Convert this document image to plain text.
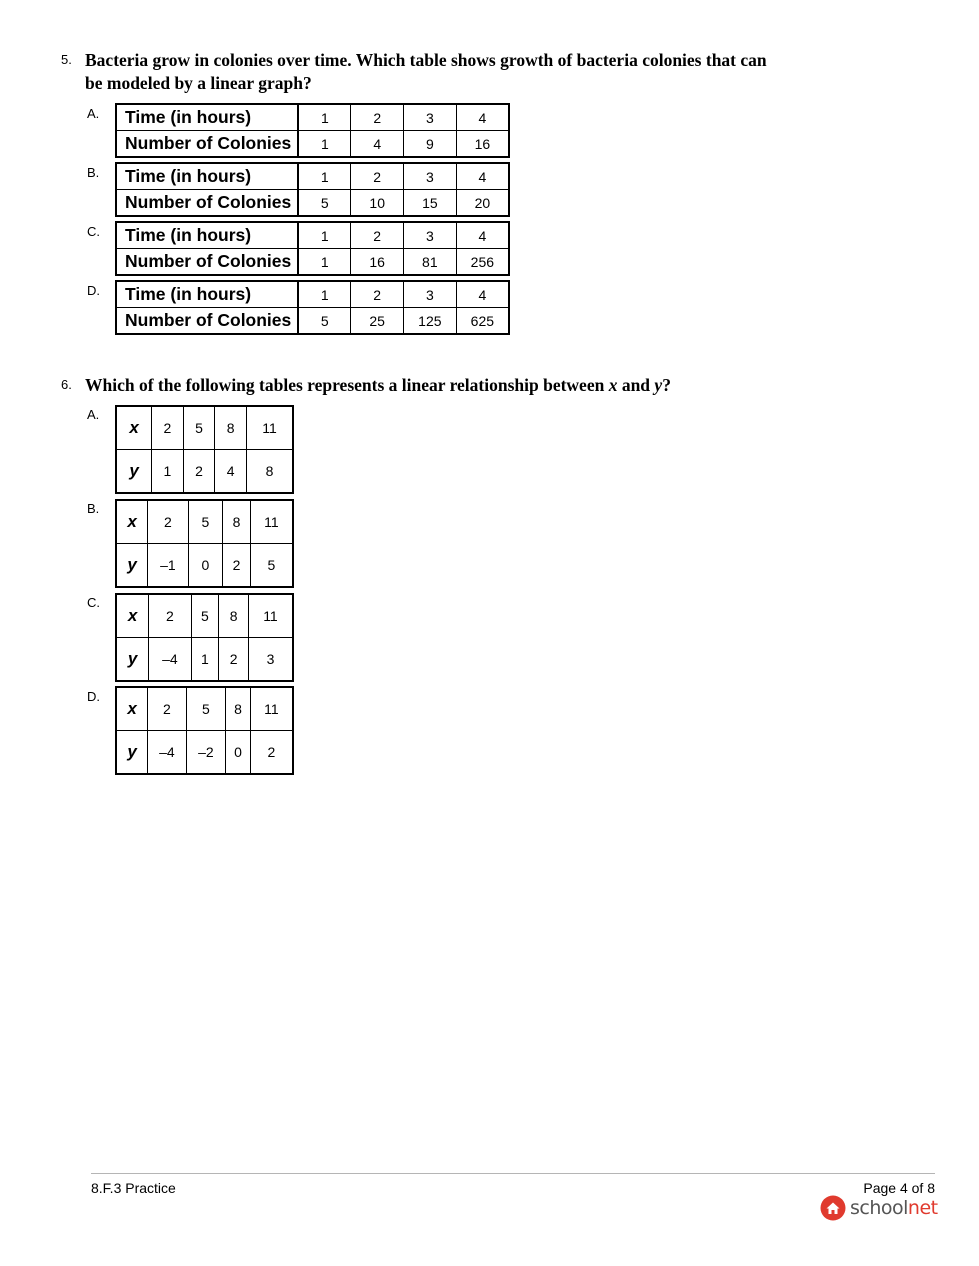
5. Bacteria grow in colonies over time. Which table shows growth of bacteria colonies that can
be modeled by a linear graph?
A. Time (in hours)	1	2	3	4
Number of Colonies	1	4	9	16
B. Time (in hours)	1	2	3	4
Number of Colonies	5	10	15	20
C. Time (in hours)	1	2	3	4
Number of Colonies	1	16	81	256
D. Time (in hours)	1	2	3	4
Number of Colonies	5	25	125	625
6. Which of the following tables represents a linear relationship between x and y?
A.
x	2	5	8	11
y	1	2	4	8
B.
x	2	5	8	11
y	–1	0	2	5
C.
x	2	5	8	11
y	–4	1	2	3
D.
x	2	5	8	11
y	–4	–2	0	2
8.F.3 Practice	Page 4 of 8
schoolnet
